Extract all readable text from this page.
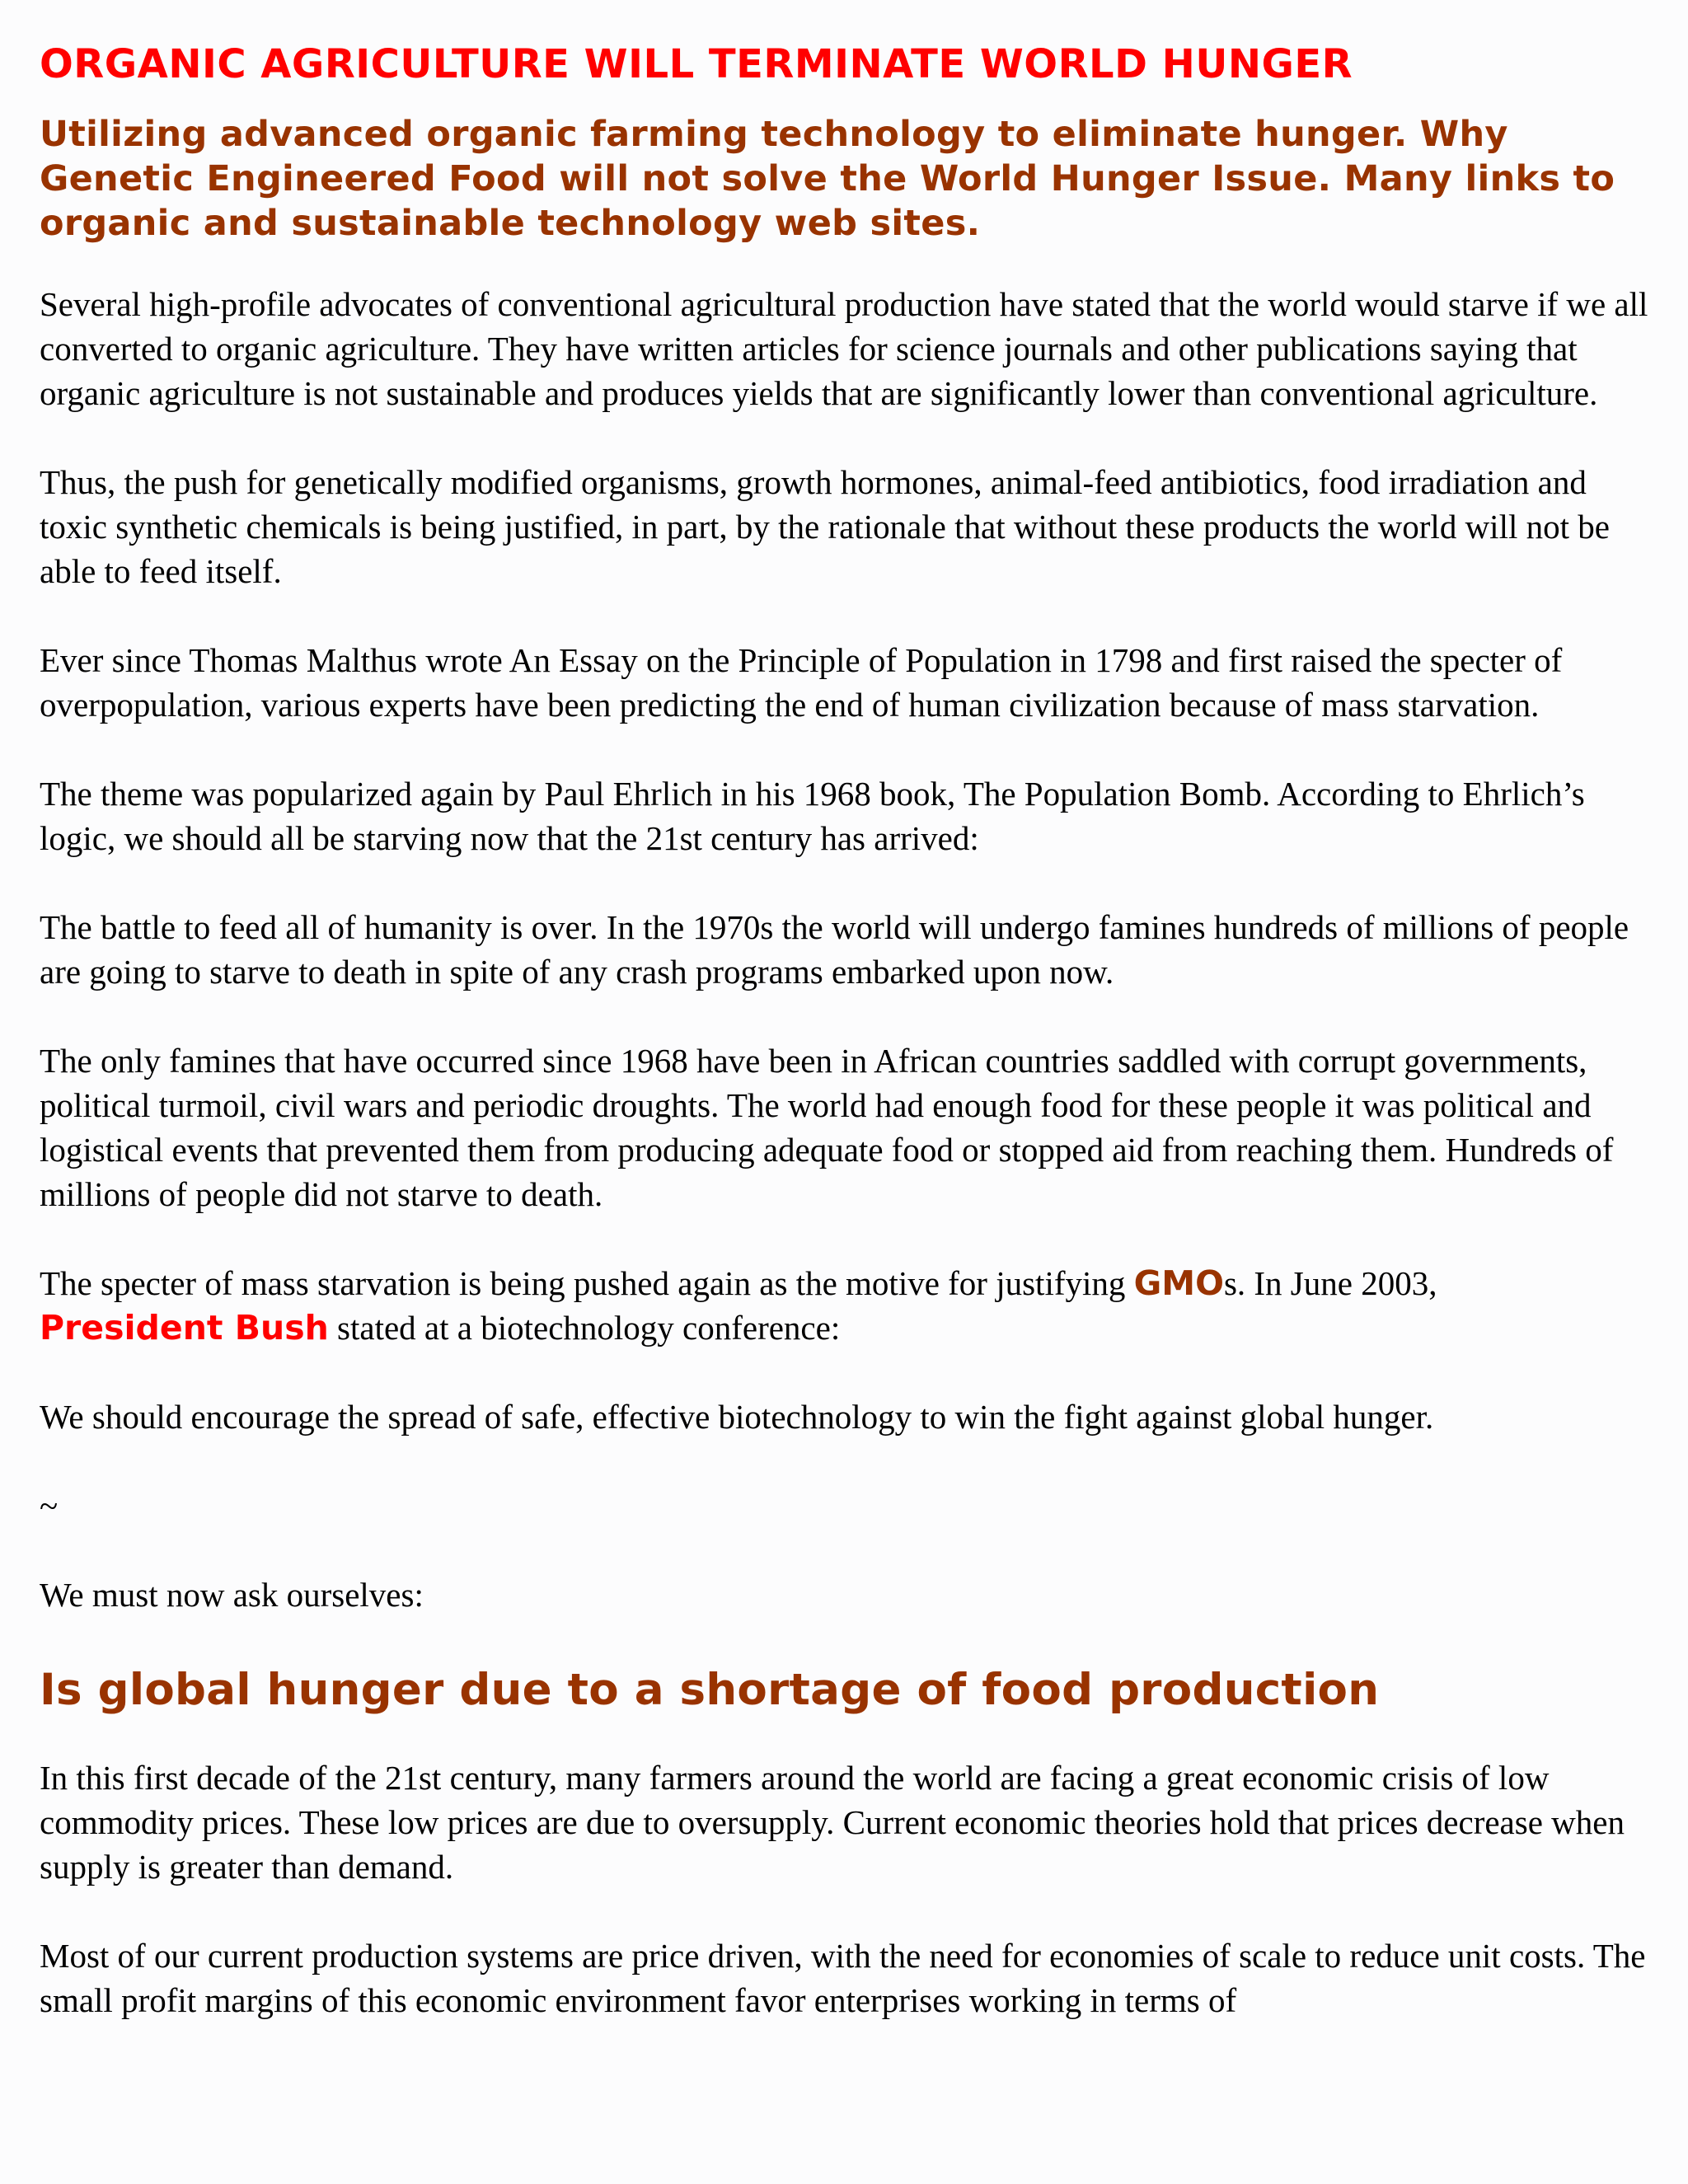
ORGANIC AGRICULTURE WILL TERMINATE WORLD HUNGER
Utilizing advanced organic farming technology to eliminate hunger. Why Genetic Engineered Food will not solve the World Hunger Issue. Many links to organic and sustainable technology web sites.

Several high-profile advocates of conventional agricultural production have stated that the world would starve if we all converted to organic agriculture. They have written articles for science journals and other publications saying that organic agriculture is not sustainable and produces yields that are significantly lower than conventional agriculture.

Thus, the push for genetically modified organisms, growth hormones, animal-feed antibiotics, food irradiation and toxic synthetic chemicals is being justified, in part, by the rationale that without these products the world will not be able to feed itself.

Ever since Thomas Malthus wrote An Essay on the Principle of Population in 1798 and first raised the specter of overpopulation, various experts have been predicting the end of human civilization because of mass starvation.

The theme was popularized again by Paul Ehrlich in his 1968 book, The Population Bomb. According to Ehrlich’s logic, we should all be starving now that the 21st century has arrived:

The battle to feed all of humanity is over. In the 1970s the world will undergo famines hundreds of millions of people are going to starve to death in spite of any crash programs embarked upon now.

The only famines that have occurred since 1968 have been in African countries saddled with corrupt governments, political turmoil, civil wars and periodic droughts. The world had enough food for these people it was political and logistical events that prevented them from producing adequate food or stopped aid from reaching them. Hundreds of millions of people did not starve to death.

The specter of mass starvation is being pushed again as the motive for justifying GMOs. In June 2003,
President Bush stated at a biotechnology conference:

We should encourage the spread of safe, effective biotechnology to win the fight against global hunger.

~

We must now ask ourselves:

Is global hunger due to a shortage of food production

In this first decade of the 21st century, many farmers around the world are facing a great economic crisis of low commodity prices. These low prices are due to oversupply. Current economic theories hold that prices decrease when supply is greater than demand.

Most of our current production systems are price driven, with the need for economies of scale to reduce unit costs. The small profit margins of this economic environment favor enterprises working in terms of
